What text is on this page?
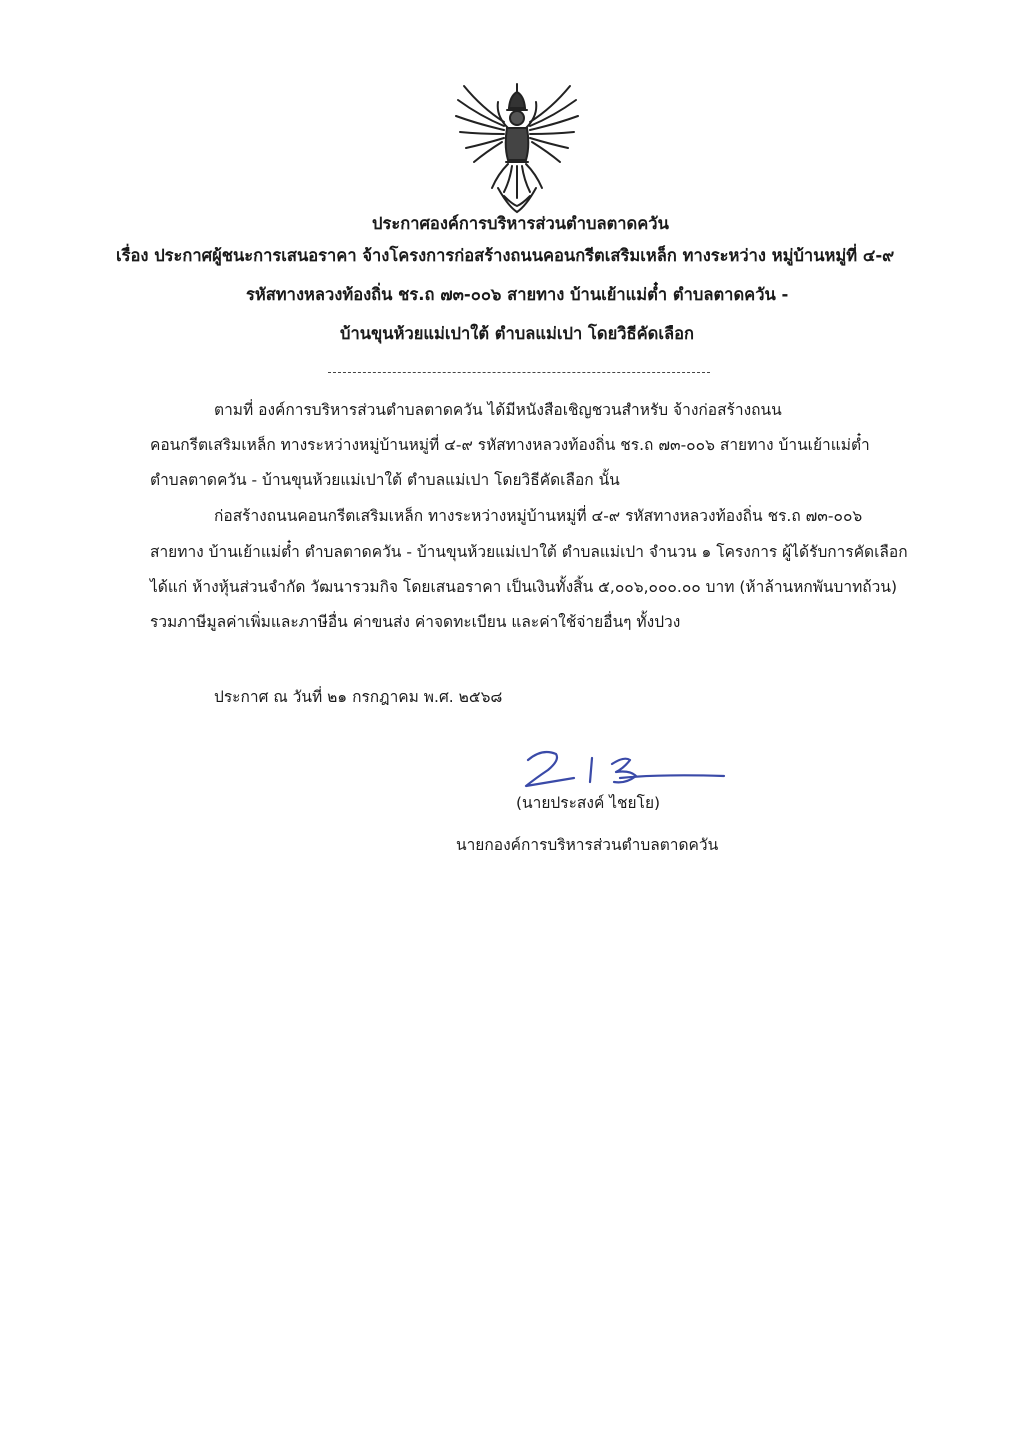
ประกาศองค์การบริหารส่วนตำบลตาดควัน
เรื่อง ประกาศผู้ชนะการเสนอราคา จ้างโครงการก่อสร้างถนนคอนกรีตเสริมเหล็ก ทางระหว่าง หมู่บ้านหมู่ที่ ๔-๙
รหัสทางหลวงท้องถิ่น ชร.ถ ๗๓-๐๐๖ สายทาง บ้านเย้าแม่ต๋ำ ตำบลตาดควัน -
บ้านขุนห้วยแม่เปาใต้ ตำบลแม่เปา โดยวิธีคัดเลือก
ตามที่ องค์การบริหารส่วนตำบลตาดควัน ได้มีหนังสือเชิญชวนสำหรับ จ้างก่อสร้างถนน
คอนกรีตเสริมเหล็ก ทางระหว่างหมู่บ้านหมู่ที่ ๔-๙ รหัสทางหลวงท้องถิ่น ชร.ถ ๗๓-๐๐๖ สายทาง บ้านเย้าแม่ต๋ำ
ตำบลตาดควัน - บ้านขุนห้วยแม่เปาใต้ ตำบลแม่เปา โดยวิธีคัดเลือก นั้น
ก่อสร้างถนนคอนกรีตเสริมเหล็ก ทางระหว่างหมู่บ้านหมู่ที่ ๔-๙ รหัสทางหลวงท้องถิ่น ชร.ถ ๗๓-๐๐๖
สายทาง บ้านเย้าแม่ต๋ำ ตำบลตาดควัน - บ้านขุนห้วยแม่เปาใต้ ตำบลแม่เปา จำนวน ๑ โครงการ ผู้ได้รับการคัดเลือก
ได้แก่ ห้างหุ้นส่วนจำกัด วัฒนารวมกิจ โดยเสนอราคา เป็นเงินทั้งสิ้น ๕,๐๐๖,๐๐๐.๐๐ บาท (ห้าล้านหกพันบาทถ้วน)
รวมภาษีมูลค่าเพิ่มและภาษีอื่น ค่าขนส่ง ค่าจดทะเบียน และค่าใช้จ่ายอื่นๆ ทั้งปวง
ประกาศ ณ วันที่ ๒๑ กรกฎาคม พ.ศ. ๒๕๖๘
(นายประสงค์ ไชยโย)
นายกองค์การบริหารส่วนตำบลตาดควัน
